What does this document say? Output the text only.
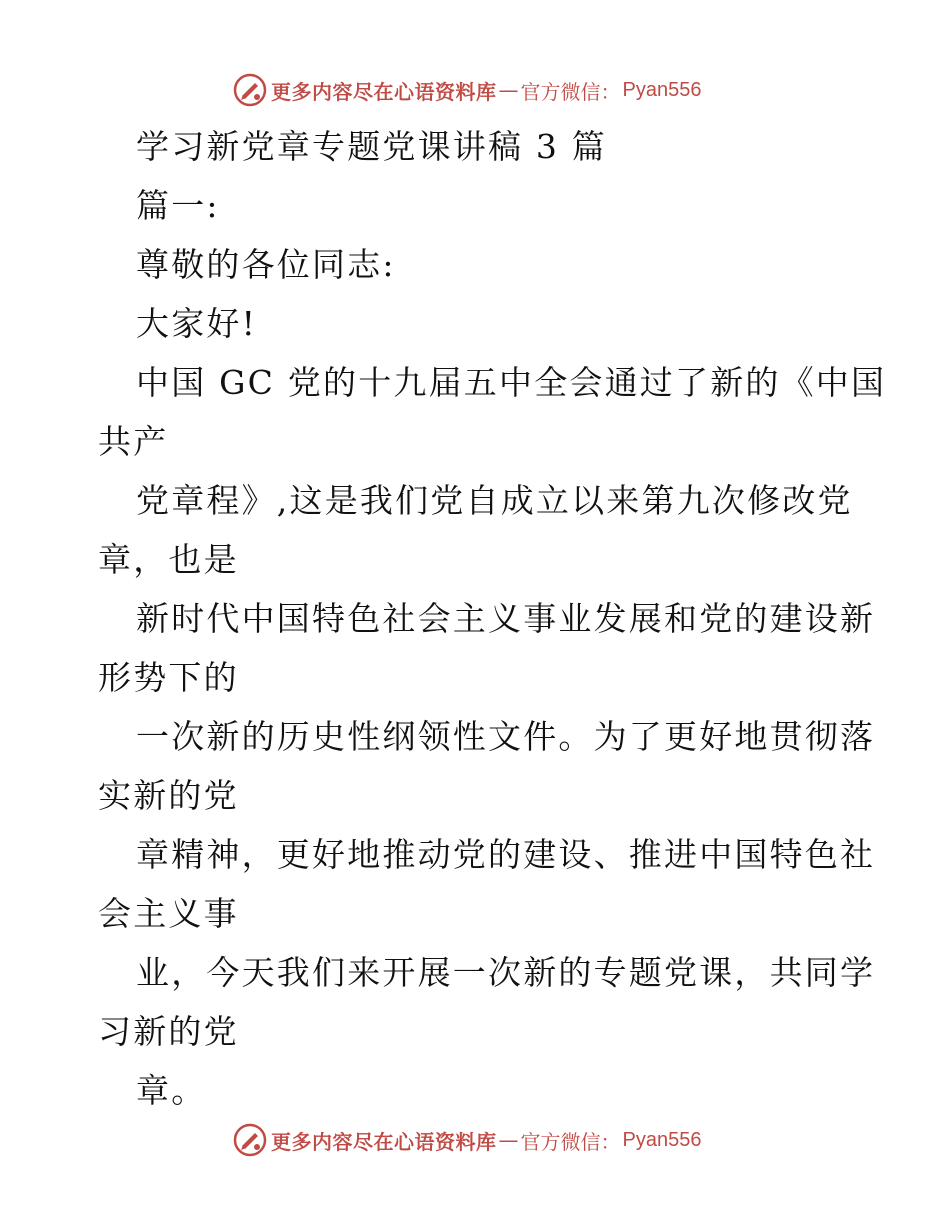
更多内容尽在心语资料库 — 官方微信： Pyan556
学习新党章专题党课讲稿 3 篇
篇一:
尊敬的各位同志:
大家好!
中国 GC 党的十九届五中全会通过了新的《中国
共产
党章程》,这是我们党自成立以来第九次修改党
章，也是
新时代中国特色社会主义事业发展和党的建设新
形势下的
一次新的历史性纲领性文件。为了更好地贯彻落
实新的党
章精神，更好地推动党的建设、推进中国特色社
会主义事
业，今天我们来开展一次新的专题党课，共同学
习新的党
章。
更多内容尽在心语资料库 — 官方微信： Pyan556
